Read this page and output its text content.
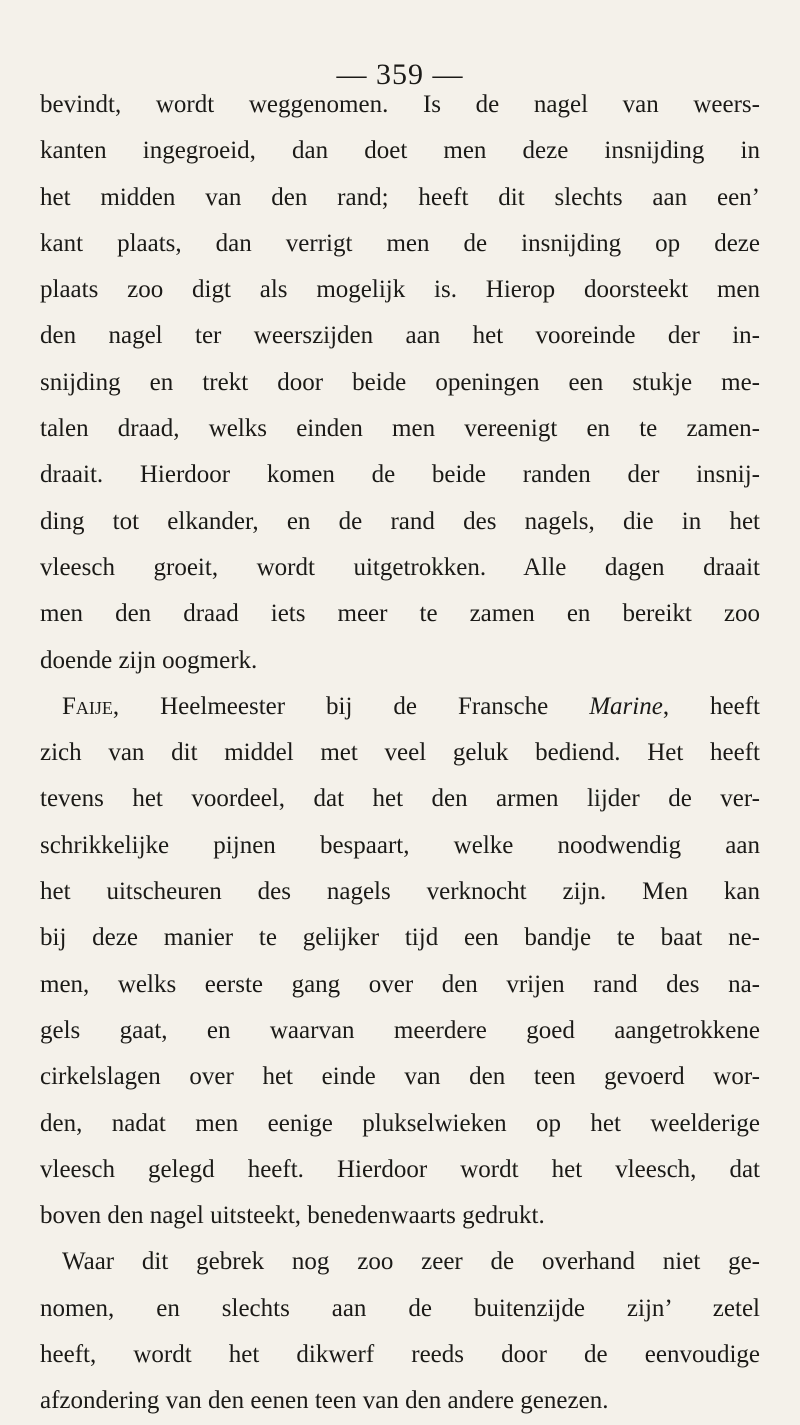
— 359 —
bevindt, wordt weggenomen. Is de nagel van weers-
kanten ingegroeid, dan doet men deze insnijding in
het midden van den rand; heeft dit slechts aan een’
kant plaats, dan verrigt men de insnijding op deze
plaats zoo digt als mogelijk is. Hierop doorsteekt men
den nagel ter weerszijden aan het vooreinde der in-
snijding en trekt door beide openingen een stukje me-
talen draad, welks einden men vereenigt en te zamen-
draait. Hierdoor komen de beide randen der insnij-
ding tot elkander, en de rand des nagels, die in het
vleesch groeit, wordt uitgetrokken. Alle dagen draait
men den draad iets meer te zamen en bereikt zoo
doende zijn oogmerk.
Faije, Heelmeester bij de Fransche Marine, heeft
zich van dit middel met veel geluk bediend. Het heeft
tevens het voordeel, dat het den armen lijder de ver-
schrikkelijke pijnen bespaart, welke noodwendig aan
het uitscheuren des nagels verknocht zijn. Men kan
bij deze manier te gelijker tijd een bandje te baat ne-
men, welks eerste gang over den vrijen rand des na-
gels gaat, en waarvan meerdere goed aangetrokkene
cirkelslagen over het einde van den teen gevoerd wor-
den, nadat men eenige plukselwieken op het weelderige
vleesch gelegd heeft. Hierdoor wordt het vleesch, dat
boven den nagel uitsteekt, benedenwaarts gedrukt.
Waar dit gebrek nog zoo zeer de overhand niet ge-
nomen, en slechts aan de buitenzijde zijn’ zetel
heeft, wordt het dikwerf reeds door de eenvoudige
afzondering van den eenen teen van den andere genezen.
